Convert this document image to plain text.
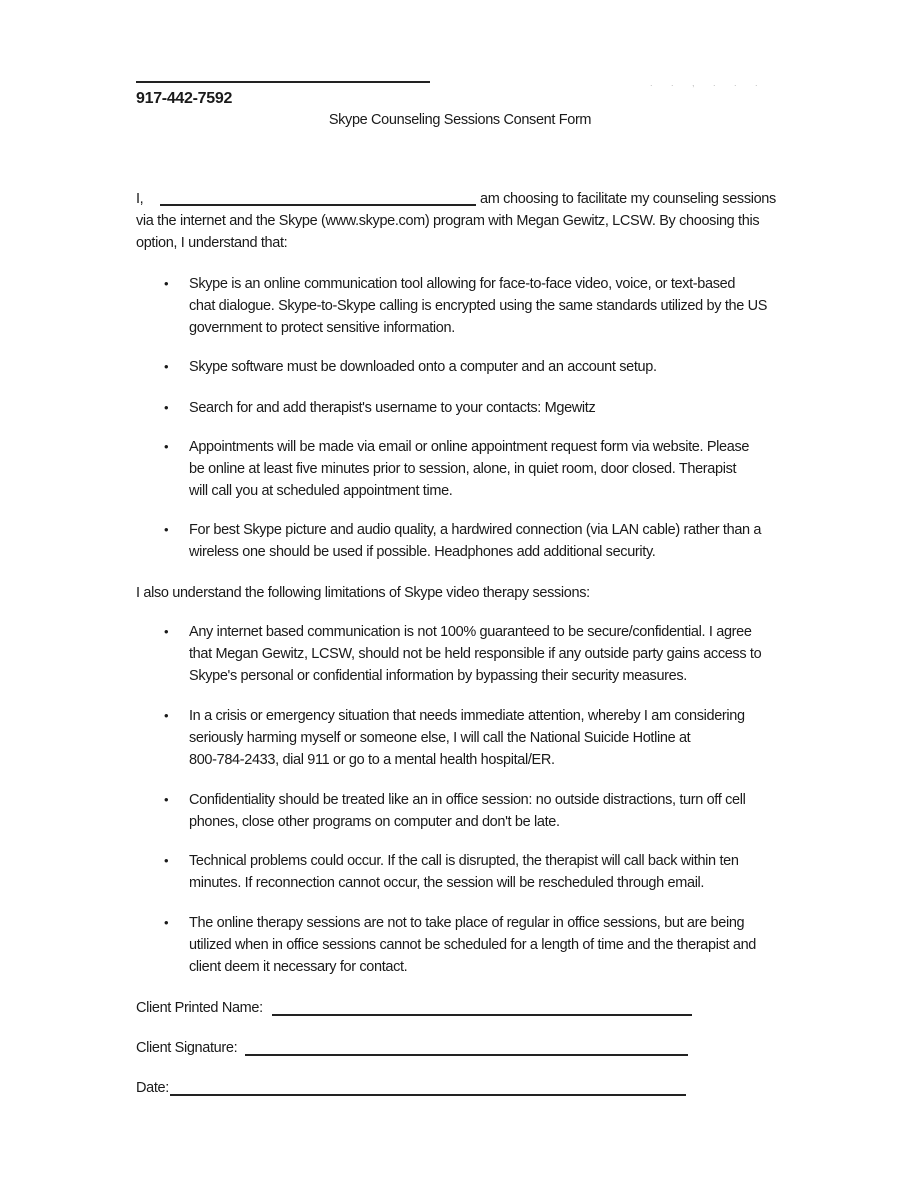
. . , . . .
917-442-7592
Skype Counseling Sessions Consent Form
I,	am choosing to facilitate my counseling sessions
via the internet and the Skype (www.skype.com) program with Megan Gewitz, LCSW. By choosing this
option, I understand that:
• Skype is an online communication tool allowing for face-to-face video, voice, or text-based
chat dialogue. Skype-to-Skype calling is encrypted using the same standards utilized by the US
government to protect sensitive information.
• Skype software must be downloaded onto a computer and an account setup.
• Search for and add therapist's username to your contacts: Mgewitz
• Appointments will be made via email or online appointment request form via website. Please
be online at least five minutes prior to session, alone, in quiet room, door closed. Therapist
will call you at scheduled appointment time.
• For best Skype picture and audio quality, a hardwired connection (via LAN cable) rather than a
wireless one should be used if possible. Headphones add additional security.
I also understand the following limitations of Skype video therapy sessions:
• Any internet based communication is not 100% guaranteed to be secure/confidential. I agree
that Megan Gewitz, LCSW, should not be held responsible if any outside party gains access to
Skype's personal or confidential information by bypassing their security measures.
• In a crisis or emergency situation that needs immediate attention, whereby I am considering
seriously harming myself or someone else, I will call the National Suicide Hotline at
800-784-2433, dial 911 or go to a mental health hospital/ER.
• Confidentiality should be treated like an in office session: no outside distractions, turn off cell
phones, close other programs on computer and don't be late.
• Technical problems could occur. If the call is disrupted, the therapist will call back within ten
minutes. If reconnection cannot occur, the session will be rescheduled through email.
• The online therapy sessions are not to take place of regular in office sessions, but are being
utilized when in office sessions cannot be scheduled for a length of time and the therapist and
client deem it necessary for contact.
Client Printed Name:
Client Signature:
Date:
